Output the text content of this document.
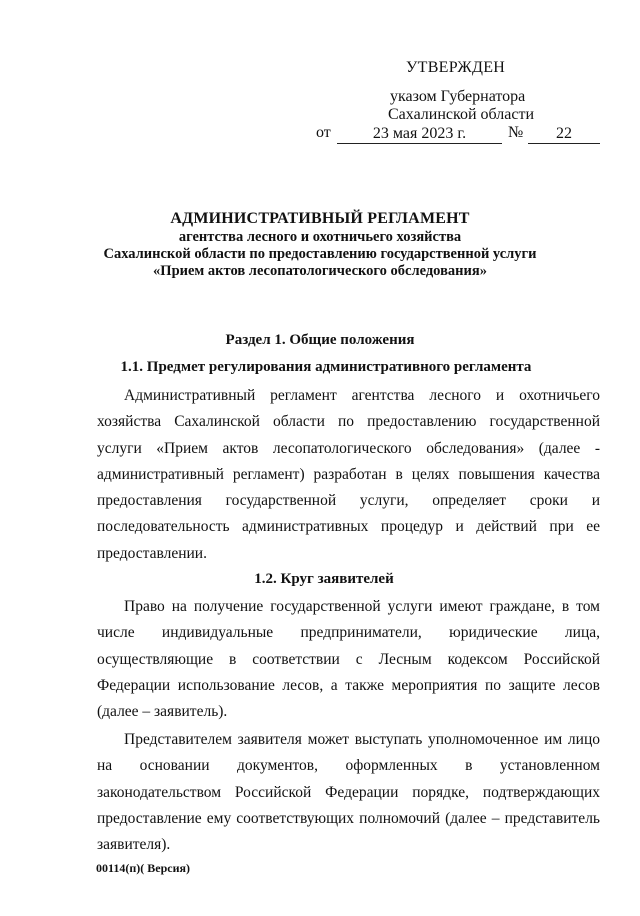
УТВЕРЖДЕН
указом Губернатора
Сахалинской области
от	23 мая 2023 г.	№	22
АДМИНИСТРАТИВНЫЙ РЕГЛАМЕНТ
агентства лесного и охотничьего хозяйства
Сахалинской области по предоставлению государственной услуги
«Прием актов лесопатологического обследования»
Раздел 1. Общие положения
1.1. Предмет регулирования административного регламента

Административный регламент агентства лесного и охотничьего хозяйства Сахалинской области по предоставлению государственной услуги «Прием актов лесопатологического обследования» (далее - административный регламент) разработан в целях повышения качества предоставления государственной услуги, определяет сроки и последовательность административных процедур и действий при ее предоставлении.

1.2. Круг заявителей

Право на получение государственной услуги имеют граждане, в том числе индивидуальные предприниматели, юридические лица, осуществляющие в соответствии с Лесным кодексом Российской Федерации использование лесов, а также мероприятия по защите лесов (далее – заявитель).

Представителем заявителя может выступать уполномоченное им лицо на основании документов, оформленных в установленном законодательством Российской Федерации порядке, подтверждающих предоставление ему соответствующих полномочий (далее – представитель заявителя).

00114(п)( Версия)
